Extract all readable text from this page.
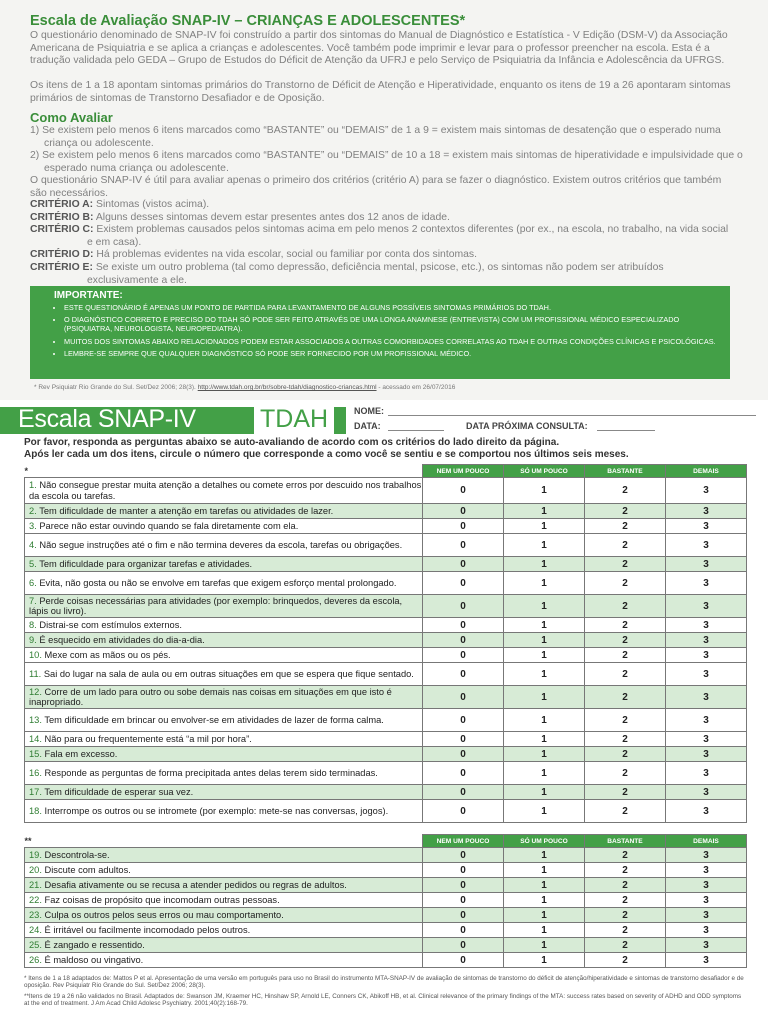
Escala de Avaliação SNAP-IV – CRIANÇAS E ADOLESCENTES*
O questionário denominado de SNAP-IV foi construído a partir dos sintomas do Manual de Diagnóstico e Estatística - V Edição (DSM-V) da Associação Americana de Psiquiatria e se aplica a crianças e adolescentes. Você também pode imprimir e levar para o professor preencher na escola. Esta é a tradução validada pelo GEDA – Grupo de Estudos do Déficit de Atenção da UFRJ e pelo Serviço de Psiquiatria da Infância e Adolescência da UFRGS.
Os itens de 1 a 18 apontam sintomas primários do Transtorno de Déficit de Atenção e Hiperatividade, enquanto os itens de 19 a 26 apontaram sintomas primários de sintomas de Transtorno Desafiador e de Oposição.
Como Avaliar
1) Se existem pelo menos 6 itens marcados como “BASTANTE” ou “DEMAIS” de 1 a 9 = existem mais sintomas de desatenção que o esperado numa criança ou adolescente.
2) Se existem pelo menos 6 itens marcados como “BASTANTE” ou “DEMAIS” de 10 a 18 = existem mais sintomas de hiperatividade e impulsividade que o esperado numa criança ou adolescente.
O questionário SNAP-IV é útil para avaliar apenas o primeiro dos critérios (critério A) para se fazer o diagnóstico. Existem outros critérios que também são necessários.
CRITÉRIO A: Sintomas (vistos acima).
CRITÉRIO B: Alguns desses sintomas devem estar presentes antes dos 12 anos de idade.
CRITÉRIO C: Existem problemas causados pelos sintomas acima em pelo menos 2 contextos diferentes (por ex., na escola, no trabalho, na vida social e em casa).
CRITÉRIO D: Há problemas evidentes na vida escolar, social ou familiar por conta dos sintomas.
CRITÉRIO E: Se existe um outro problema (tal como depressão, deficiência mental, psicose, etc.), os sintomas não podem ser atribuídos exclusivamente a ele.
IMPORTANTE:
• ESTE QUESTIONÁRIO É APENAS UM PONTO DE PARTIDA PARA LEVANTAMENTO DE ALGUNS POSSÍVEIS SINTOMAS PRIMÁRIOS DO TDAH.
• O DIAGNÓSTICO CORRETO E PRECISO DO TDAH SÓ PODE SER FEITO ATRAVÉS DE UMA LONGA ANAMNESE (ENTREVISTA) COM UM PROFISSIONAL MÉDICO ESPECIALIZADO (PSIQUIATRA, NEUROLOGISTA, NEUROPEDIATRA).
• MUITOS DOS SINTOMAS ABAIXO RELACIONADOS PODEM ESTAR ASSOCIADOS A OUTRAS COMORBIDADES CORRELATAS AO TDAH E OUTRAS CONDIÇÕES CLÍNICAS E PSICOLÓGICAS.
• LEMBRE-SE SEMPRE QUE QUALQUER DIAGNÓSTICO SÓ PODE SER FORNECIDO POR UM PROFISSIONAL MÉDICO.
* Rev Psiquiatr Rio Grande do Sul. Set/Dez 2006; 28(3). http://www.tdah.org.br/br/sobre-tdah/diagnostico-criancas.html - acessado em 26/07/2016
Escala SNAP-IV	TDAH	NOME:
DATA:	DATA PRÓXIMA CONSULTA:
Por favor, responda as perguntas abaixo se auto-avaliando de acordo com os critérios do lado direito da página.
Após ler cada um dos itens, circule o número que corresponde a como você se sentiu e se comportou nos últimos seis meses.
*	NEM UM POUCO	SÓ UM POUCO	BASTANTE	DEMAIS
1. Não consegue prestar muita atenção a detalhes ou comete erros por descuido nos trabalhos da escola ou tarefas.	0	1	2	3
2. Tem dificuldade de manter a atenção em tarefas ou atividades de lazer.	0	1	2	3
3. Parece não estar ouvindo quando se fala diretamente com ela.	0	1	2	3
4. Não segue instruções até o fim e não termina deveres da escola, tarefas ou obrigações.	0	1	2	3
5. Tem dificuldade para organizar tarefas e atividades.	0	1	2	3
6. Evita, não gosta ou não se envolve em tarefas que exigem esforço mental prolongado.	0	1	2	3
7. Perde coisas necessárias para atividades (por exemplo: brinquedos, deveres da escola, lápis ou livro).	0	1	2	3
8. Distrai-se com estímulos externos.	0	1	2	3
9. É esquecido em atividades do dia-a-dia.	0	1	2	3
10. Mexe com as mãos ou os pés.	0	1	2	3
11. Sai do lugar na sala de aula ou em outras situações em que se espera que fique sentado.	0	1	2	3
12. Corre de um lado para outro ou sobe demais nas coisas em situações em que isto é inapropriado.	0	1	2	3
13. Tem dificuldade em brincar ou envolver-se em atividades de lazer de forma calma.	0	1	2	3
14. Não para ou frequentemente está “a mil por hora”.	0	1	2	3
15. Fala em excesso.	0	1	2	3
16. Responde as perguntas de forma precipitada antes delas terem sido terminadas.	0	1	2	3
17. Tem dificuldade de esperar sua vez.	0	1	2	3
18. Interrompe os outros ou se intromete (por exemplo: mete-se nas conversas, jogos).	0	1	2	3
**	NEM UM POUCO	SÓ UM POUCO	BASTANTE	DEMAIS
19. Descontrola-se.	0	1	2	3
20. Discute com adultos.	0	1	2	3
21. Desafia ativamente ou se recusa a atender pedidos ou regras de adultos.	0	1	2	3
22. Faz coisas de propósito que incomodam outras pessoas.	0	1	2	3
23. Culpa os outros pelos seus erros ou mau comportamento.	0	1	2	3
24. É irritável ou facilmente incomodado pelos outros.	0	1	2	3
25. É zangado e ressentido.	0	1	2	3
26. É maldoso ou vingativo.	0	1	2	3
* Itens de 1 a 18 adaptados de: Mattos P et al. Apresentação de uma versão em português para uso no Brasil do instrumento MTA-SNAP-IV de avaliação de sintomas de transtorno do déficit de atenção/hiperatividade e sintomas de transtorno desafiador e de oposição. Rev Psiquiatr Rio Grande do Sul. Set/Dez 2006; 28(3).
**Itens de 19 a 26 não validados no Brasil. Adaptados de: Swanson JM, Kraemer HC, Hinshaw SP, Arnold LE, Conners CK, Abikoff HB, et al. Clinical relevance of the primary findings of the MTA: success rates based on severity of ADHD and ODD symptoms at the end of treatment. J Am Acad Child Adolesc Psychiatry. 2001;40(2):168-79.
